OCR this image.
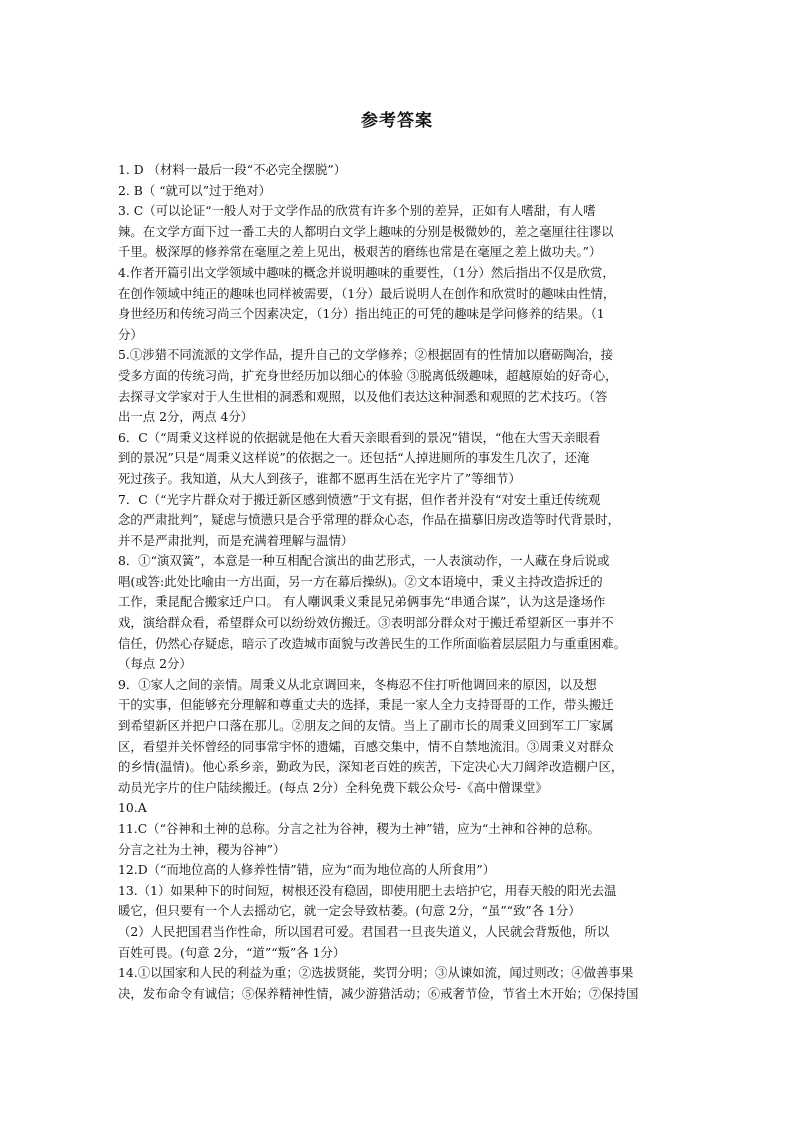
参考答案
1. D （材料一最后一段“不必完全摆脱”）
2. B（ “就可以”过于绝对）
3. C（可以论证“一般人对于文学作品的欣赏有许多个别的差异，正如有人嗜甜，有人嗜
辣。在文学方面下过一番工夫的人都明白文学上趣味的分别是极微妙的，差之毫厘往往谬以
千里。极深厚的修养常在毫厘之差上见出，极艰苦的磨练也常是在毫厘之差上做功夫。”）
4.作者开篇引出文学领域中趣味的概念并说明趣味的重要性，（1分）然后指出不仅是欣赏，
在创作领域中纯正的趣味也同样被需要，（1分）最后说明人在创作和欣赏时的趣味由性情，
身世经历和传统习尚三个因素决定，（1分）指出纯正的可凭的趣味是学问修养的结果。（1
分）
5.①涉猎不同流派的文学作品，提升自己的文学修养；②根据固有的性情加以磨砺陶冶，接
受多方面的传统习尚，扩充身世经历加以细心的体验 ③脱离低级趣味，超越原始的好奇心，
去探寻文学家对于人生世相的洞悉和观照，以及他们表达这种洞悉和观照的艺术技巧。（答
出一点 2分，两点 4分）
6．C（“周秉义这样说的依据就是他在大看天亲眼看到的景况”错误，“他在大雪天亲眼看
到的景况”只是“周秉义这样说”的依据之一。还包括“人掉进厕所的事发生几次了，还淹
死过孩子。我知道，从大人到孩子，谁都不愿再生活在光字片了”等细节）
7．C（“光字片群众对于搬迁新区感到愤懑”于文有据，但作者并没有“对安土重迁传统观
念的严肃批判”，疑虑与愤懑只是合乎常理的群众心态，作品在描摹旧房改造等时代背景时，
并不是严肃批判，而是充满着理解与温情）
8．①“演双簧”，本意是一种互相配合演出的曲艺形式，一人表演动作，一人藏在身后说或
唱(或答:此处比喻由一方出面，另一方在幕后操纵)。②文本语境中，秉义主持改造拆迁的
工作，秉昆配合搬家迁户口。 有人嘲讽秉义秉昆兄弟俩事先“串通合谋”，认为这是逢场作
戏，演给群众看，希望群众可以纷纷效仿搬迁。③表明部分群众对于搬迁希望新区一事并不
信任，仍然心存疑虑，暗示了改造城市面貌与改善民生的工作所面临着层层阻力与重重困难。
（每点 2分）
9．①家人之间的亲情。周秉义从北京调回来，冬梅忍不住打听他调回来的原因，以及想
干的实事，但能够充分理解和尊重丈夫的选择，秉昆一家人全力支持哥哥的工作，带头搬迁
到希望新区并把户口落在那儿。②朋友之间的友情。当上了副市长的周秉义回到军工厂家属
区，看望并关怀曾经的同事常宇怀的遗孀，百感交集中，情不自禁地流泪。③周秉义对群众
的乡情(温情)。他心系乡亲，勤政为民，深知老百姓的疾苦，下定决心大刀阔斧改造棚户区，
动员光字片的住户陆续搬迁。(每点 2分）全科免费下载公众号-《高中僧课堂》
10.A
11.C（“谷神和土神的总称。分言之社为谷神，稷为土神”错，应为“土神和谷神的总称。
分言之社为土神，稷为谷神”）
12.D（“而地位高的人修养性情”错，应为“而为地位高的人所食用”）
13.（1）如果种下的时间短，树根还没有稳固，即使用肥土去培护它，用春天般的阳光去温
暖它，但只要有一个人去摇动它，就一定会导致枯萎。(句意 2分，“虽”“致”各 1分）
（2）人民把国君当作性命，所以国君可爱。君国君一旦丧失道义，人民就会背叛他，所以
百姓可畏。(句意 2分，“道”“叛”各 1分）
14.①以国家和人民的利益为重；②选拔贤能，奖罚分明；③从谏如流，闻过则改；④做善事果
决，发布命令有诚信；⑤保养精神性情，减少游猎活动；⑥戒奢节俭，节省土木开始；⑦保持国
